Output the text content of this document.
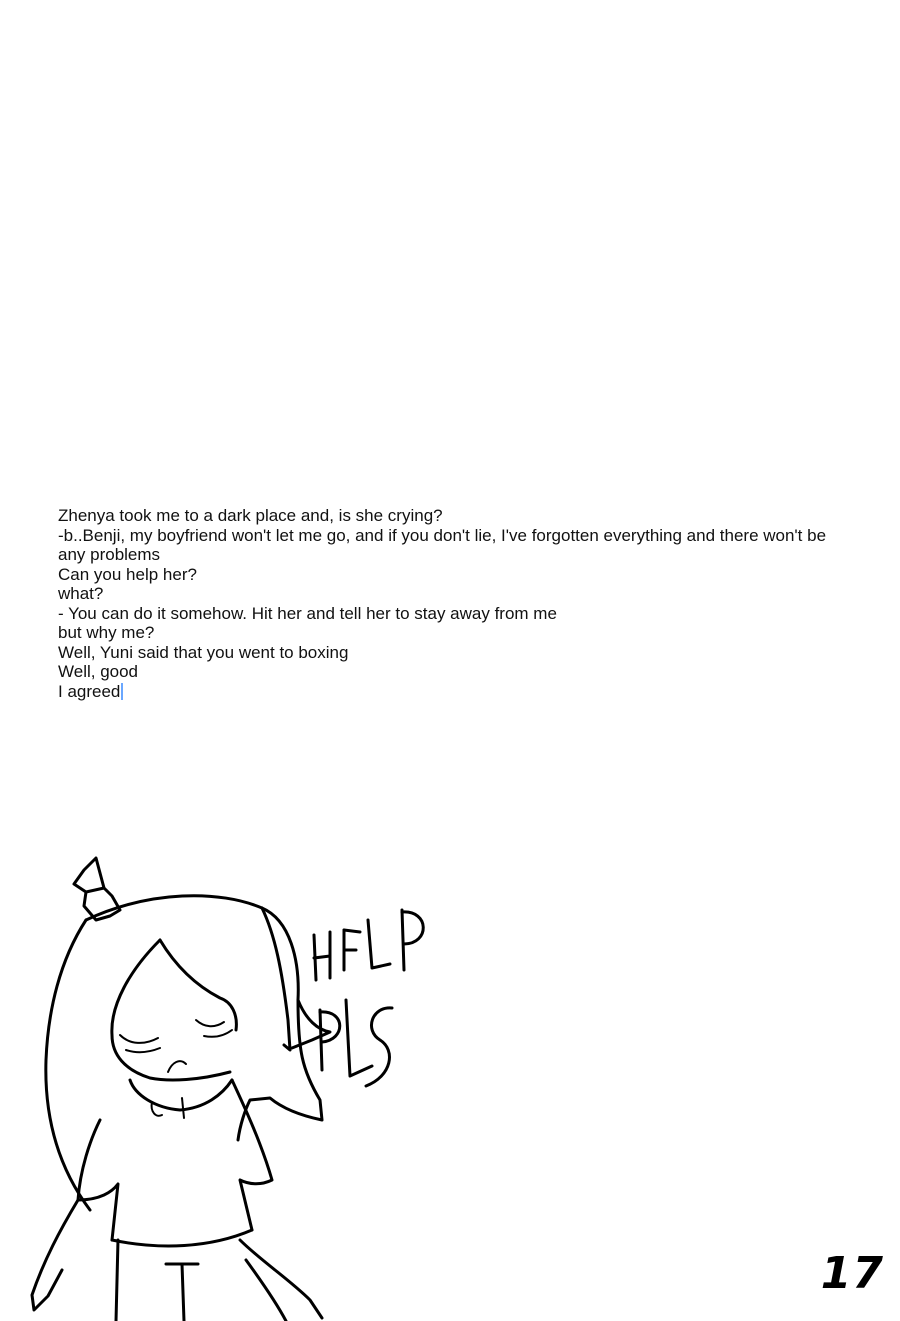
Zhenya took me to a dark place and, is she crying?
-b..Benji, my boyfriend won't let me go, and if you don't lie, I've forgotten everything and there won't be any problems
Can you help her?
what?
- You can do it somehow. Hit her and tell her to stay away from me
but why me?
Well, Yuni said that you went to boxing
Well, good
I agreed
17
